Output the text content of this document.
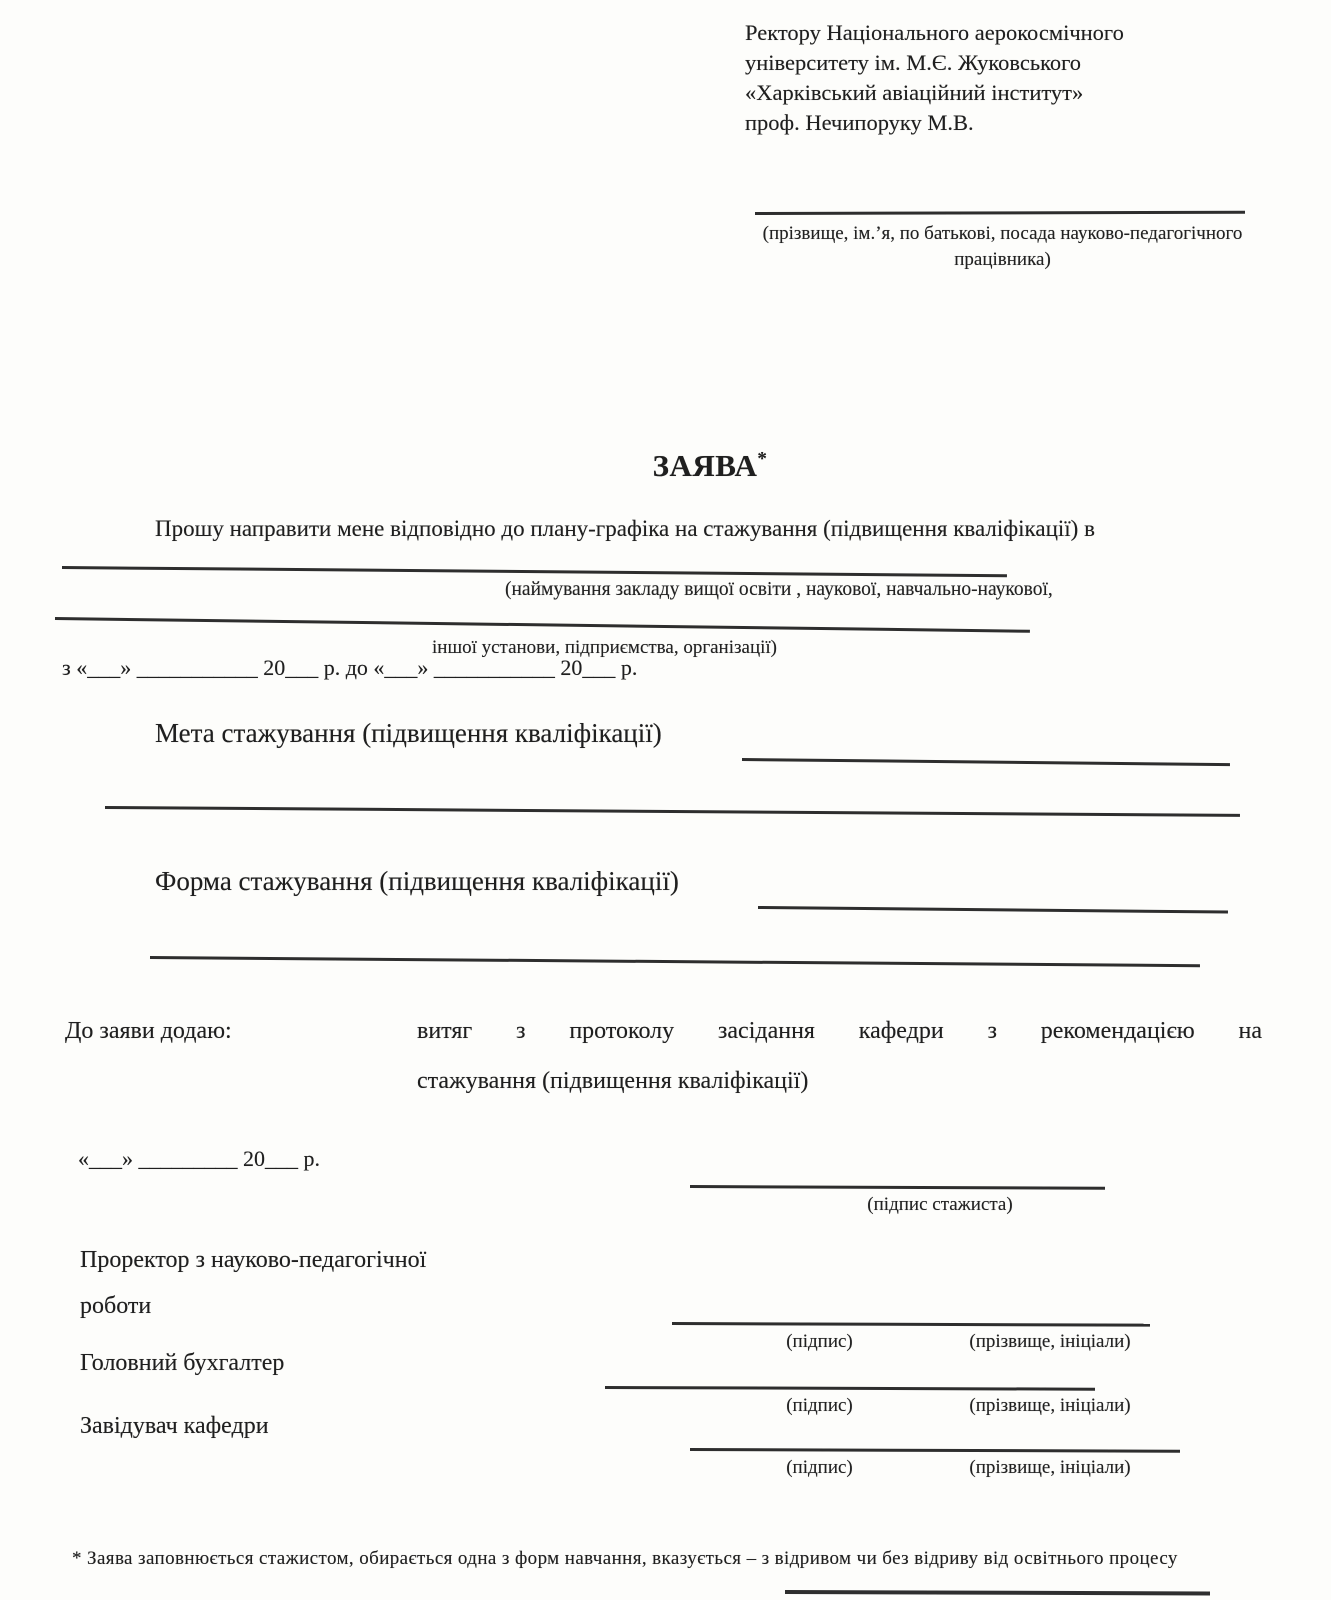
Ректору Національного аерокосмічного
університету ім. М.Є. Жуковського
«Харківський авіаційний інститут»
проф. Нечипоруку М.В.
(прізвище, ім.’я, по батькові, посада науково-педагогічного
працівника)
ЗАЯВА*
Прошу направити мене відповідно до плану-графіка на стажування (підвищення кваліфікації) в
(наймування закладу вищої освіти , наукової, навчально-наукової,
іншої установи, підприємства, організації)
з «___» ___________ 20___ р. до «___» ___________ 20___ р.
Мета стажування (підвищення кваліфікації)
Форма стажування (підвищення кваліфікації)
До заяви додаю:	витяг з протоколу засідання кафедри з рекомендацією на
стажування (підвищення кваліфікації)
«___» _________ 20___ р.
(підпис стажиста)
Проректор з науково-педагогічної роботи
(підпис)	(прізвище, ініціали)
Головний бухгалтер
(підпис)	(прізвище, ініціали)
Завідувач кафедри
(підпис)	(прізвище, ініціали)
* Заява заповнюється стажистом, обирається одна з форм навчання, вказується – з відривом чи без відриву від освітнього процесу
